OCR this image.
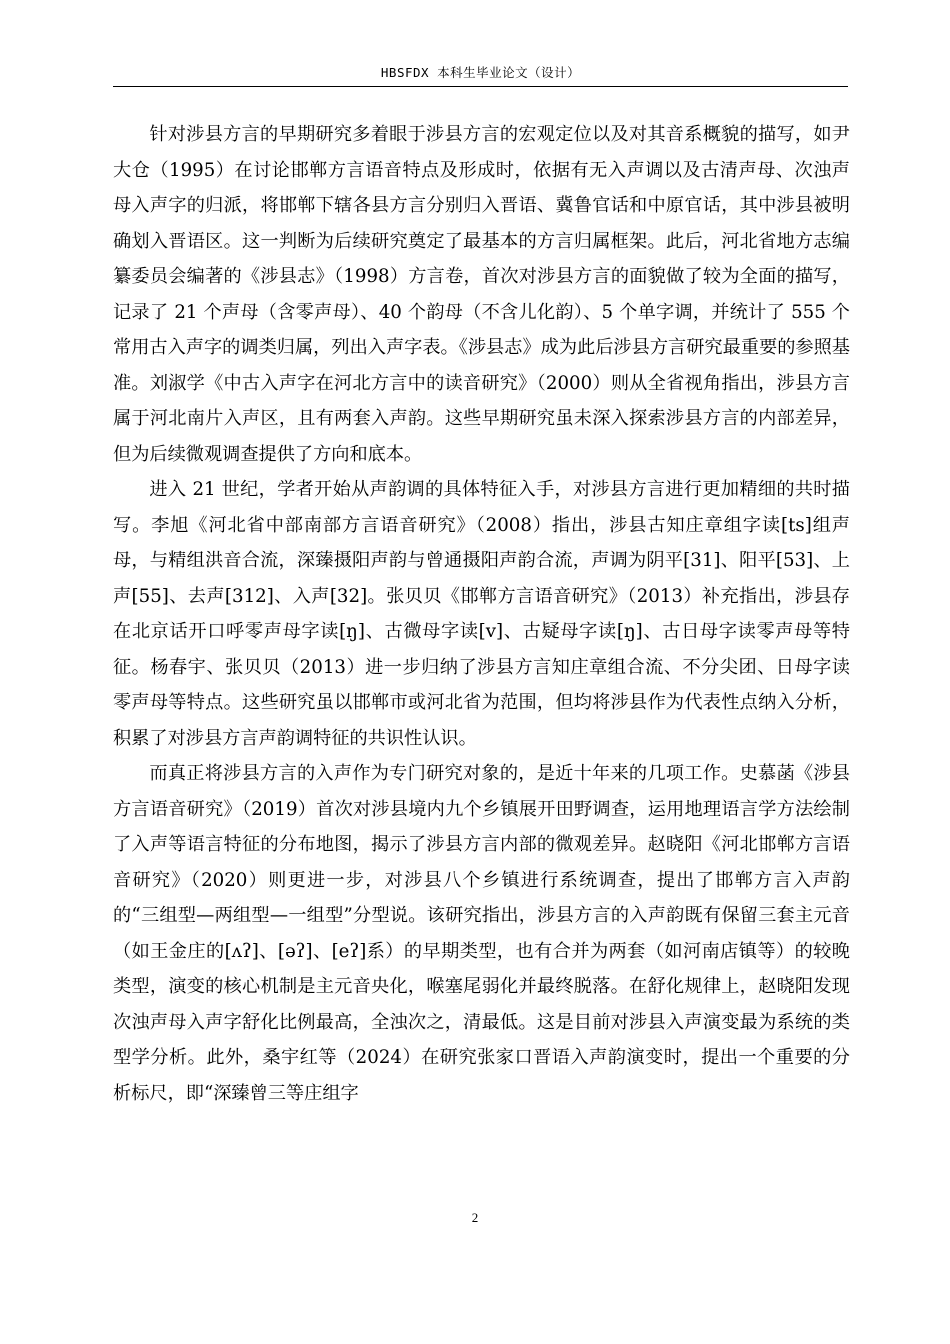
HBSFDX 本科生毕业论文（设计）

针对涉县方言的早期研究多着眼于涉县方言的宏观定位以及对其音系概貌的描写，如尹大仓（1995）在讨论邯郸方言语音特点及形成时，依据有无入声调以及古清声母、次浊声母入声字的归派，将邯郸下辖各县方言分别归入晋语、冀鲁官话和中原官话，其中涉县被明确划入晋语区。这一判断为后续研究奠定了最基本的方言归属框架。此后，河北省地方志编纂委员会编著的《涉县志》（1998）方言卷，首次对涉县方言的面貌做了较为全面的描写，记录了 21 个声母（含零声母）、40 个韵母（不含儿化韵）、5 个单字调，并统计了 555 个常用古入声字的调类归属，列出入声字表。《涉县志》成为此后涉县方言研究最重要的参照基准。刘淑学《中古入声字在河北方言中的读音研究》（2000）则从全省视角指出，涉县方言属于河北南片入声区，且有两套入声韵。这些早期研究虽未深入探索涉县方言的内部差异，但为后续微观调查提供了方向和底本。

进入 21 世纪，学者开始从声韵调的具体特征入手，对涉县方言进行更加精细的共时描写。李旭《河北省中部南部方言语音研究》（2008）指出，涉县古知庄章组字读[ts]组声母，与精组洪音合流，深臻摄阳声韵与曾通摄阳声韵合流，声调为阴平[31]、阳平[53]、上声[55]、去声[312]、入声[32]。张贝贝《邯郸方言语音研究》（2013）补充指出，涉县存在北京话开口呼零声母字读[ŋ]、古微母字读[v]、古疑母字读[ŋ]、古日母字读零声母等特征。杨春宇、张贝贝（2013）进一步归纳了涉县方言知庄章组合流、不分尖团、日母字读零声母等特点。这些研究虽以邯郸市或河北省为范围，但均将涉县作为代表性点纳入分析，积累了对涉县方言声韵调特征的共识性认识。

而真正将涉县方言的入声作为专门研究对象的，是近十年来的几项工作。史慕菡《涉县方言语音研究》（2019）首次对涉县境内九个乡镇展开田野调查，运用地理语言学方法绘制了入声等语言特征的分布地图，揭示了涉县方言内部的微观差异。赵晓阳《河北邯郸方言语音研究》（2020）则更进一步，对涉县八个乡镇进行系统调查，提出了邯郸方言入声韵的“三组型—两组型—一组型”分型说。该研究指出，涉县方言的入声韵既有保留三套主元音（如王金庄的[ʌʔ]、[əʔ]、[eʔ]系）的早期类型，也有合并为两套（如河南店镇等）的较晚类型，演变的核心机制是主元音央化，喉塞尾弱化并最终脱落。在舒化规律上，赵晓阳发现次浊声母入声字舒化比例最高，全浊次之，清最低。这是目前对涉县入声演变最为系统的类型学分析。此外，桑宇红等（2024）在研究张家口晋语入声韵演变时，提出一个重要的分析标尺，即“深臻曾三等庄组字

2
